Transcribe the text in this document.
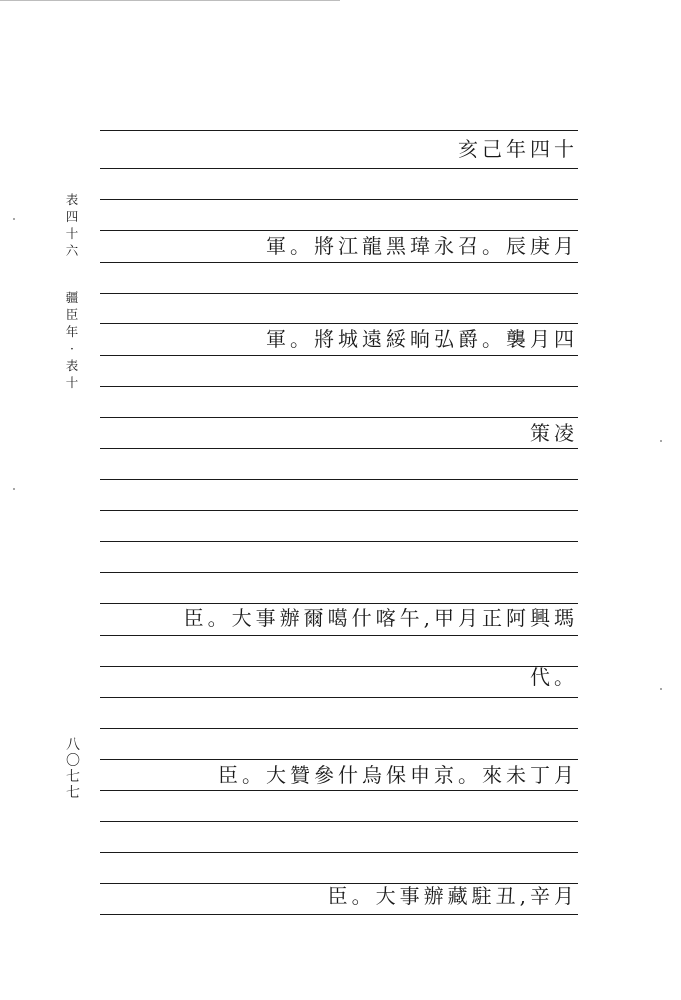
表四十六
疆臣年·表十
八〇七七
亥己年四十
軍。將江龍黑瑋永召。辰庚月
軍。將城遠綏晌弘爵。襲月四
策凌
臣。大事辦爾噶什喀午,甲月正阿興瑪
代。
臣。大贊參什烏保申京。來未丁月
臣。大事辦藏駐丑,辛月
